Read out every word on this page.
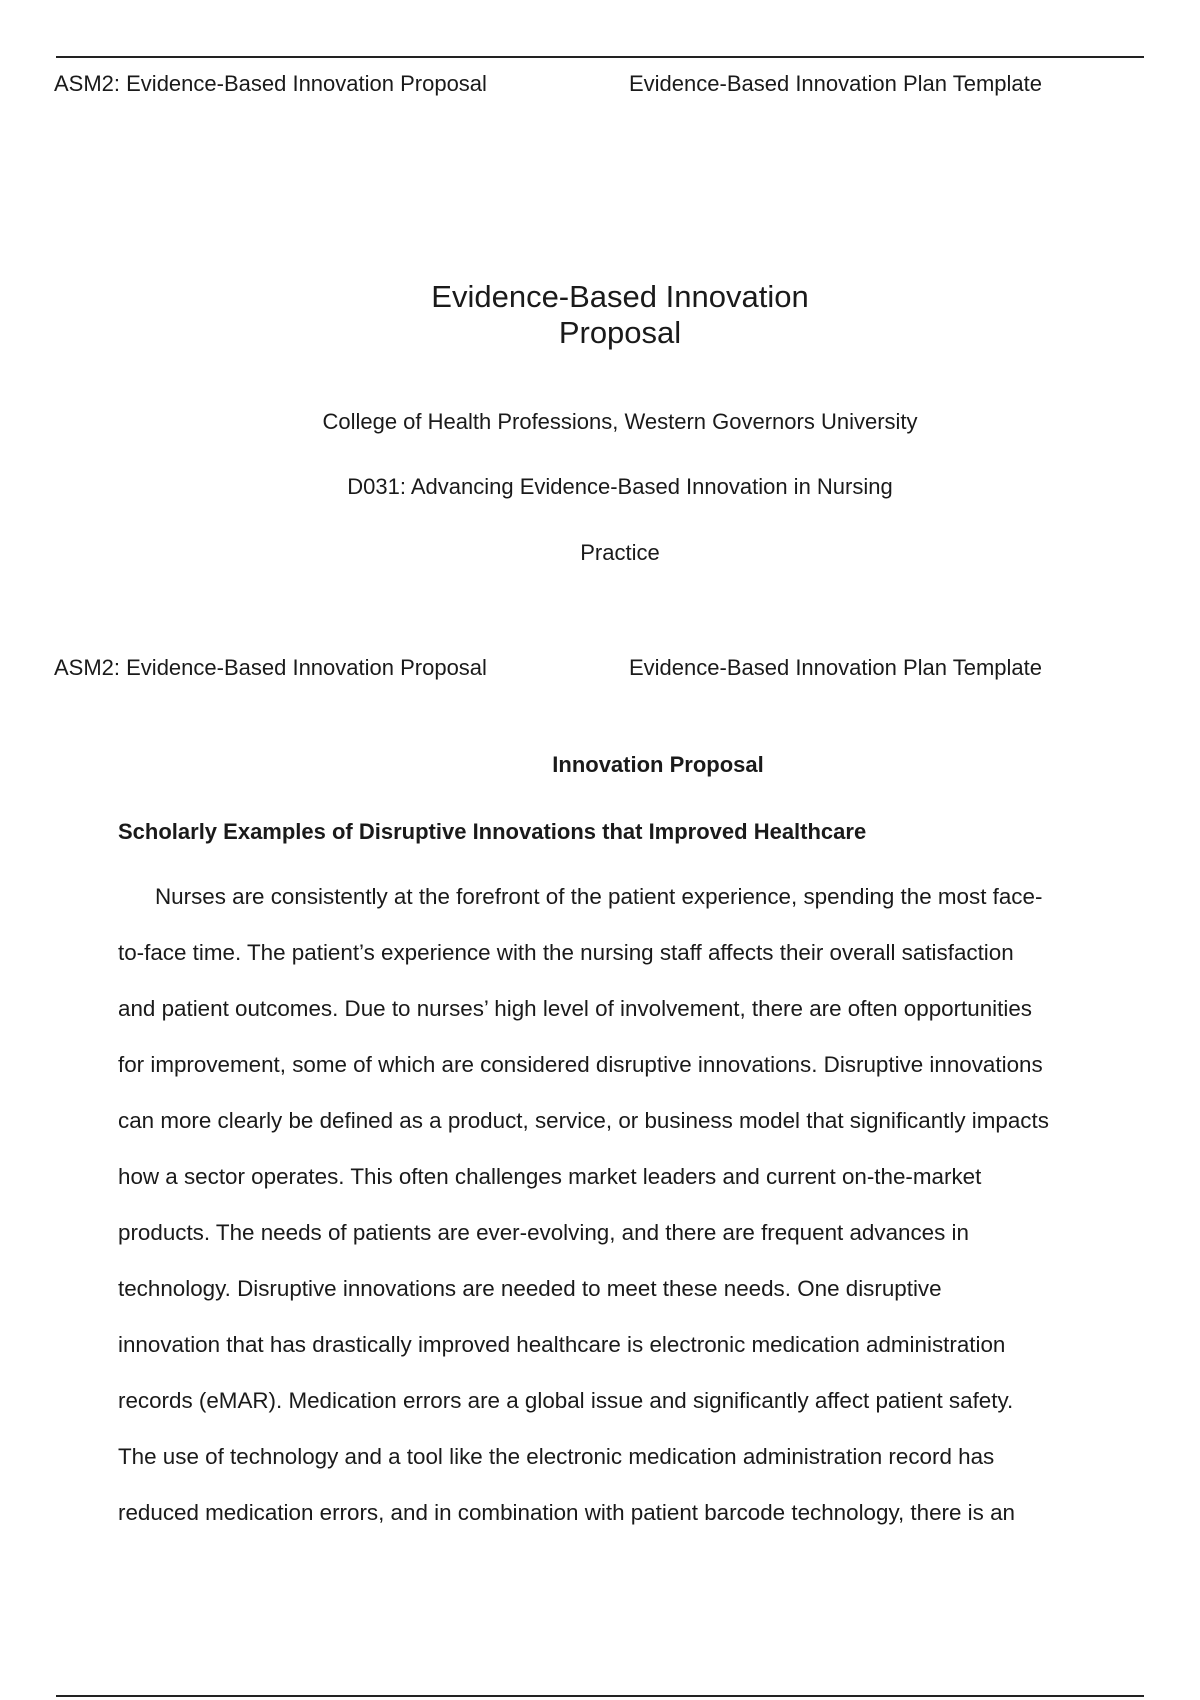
ASM2: Evidence-Based Innovation Proposal	Evidence-Based Innovation Plan Template
Evidence-Based Innovation
Proposal
College of Health Professions, Western Governors University
D031: Advancing Evidence-Based Innovation in Nursing
Practice
ASM2: Evidence-Based Innovation Proposal	Evidence-Based Innovation Plan Template
Innovation Proposal
Scholarly Examples of Disruptive Innovations that Improved Healthcare
Nurses are consistently at the forefront of the patient experience, spending the most face-
to-face time. The patient’s experience with the nursing staff affects their overall satisfaction
and patient outcomes. Due to nurses’ high level of involvement, there are often opportunities
for improvement, some of which are considered disruptive innovations. Disruptive innovations
can more clearly be defined as a product, service, or business model that significantly impacts
how a sector operates. This often challenges market leaders and current on-the-market
products. The needs of patients are ever-evolving, and there are frequent advances in
technology. Disruptive innovations are needed to meet these needs. One disruptive
innovation that has drastically improved healthcare is electronic medication administration
records (eMAR). Medication errors are a global issue and significantly affect patient safety.
The use of technology and a tool like the electronic medication administration record has
reduced medication errors, and in combination with patient barcode technology, there is an
